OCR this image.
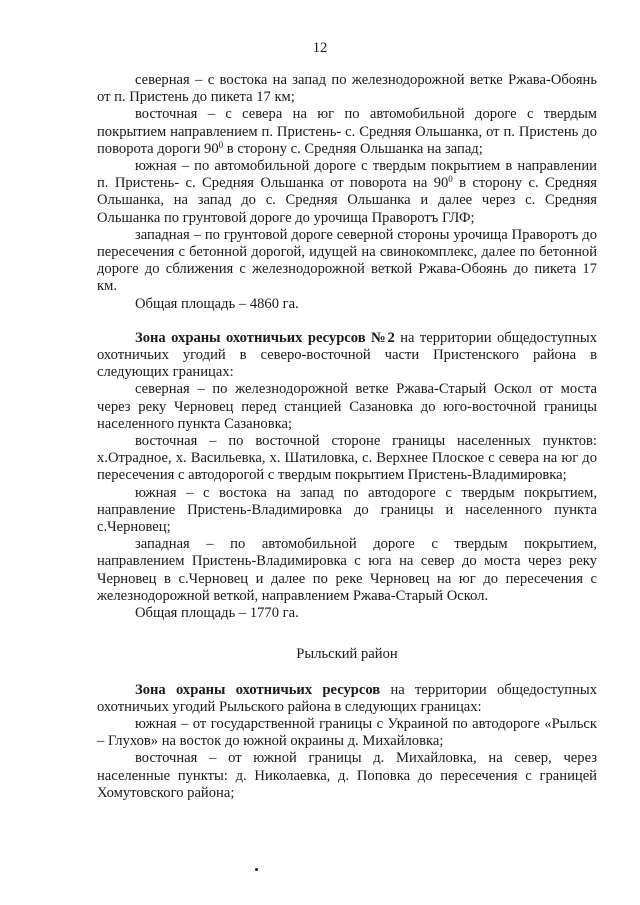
12

северная – с востока на запад по железнодорожной ветке Ржава-Обоянь от п. Пристень до пикета 17 км;

восточная – с севера на юг по автомобильной дороге с твердым покрытием направлением п. Пристень- с. Средняя Ольшанка, от п. Пристень до поворота дороги $90^0$ в сторону с. Средняя Ольшанка на запад;

южная – по автомобильной дороге с твердым покрытием в направлении п. Пристень- с. Средняя Ольшанка от поворота на $90^0$ в сторону с. Средняя Ольшанка, на запад до с. Средняя Ольшанка и далее через с. Средняя Ольшанка по грунтовой дороге до урочища Праворотъ ГЛФ;

западная – по грунтовой дороге северной стороны урочища Праворотъ до пересечения с бетонной дорогой, идущей на свинокомплекс, далее по бетонной дороге до сближения с железнодорожной веткой Ржава-Обоянь до пикета 17 км.

Общая площадь – 4860 га.

Зона охраны охотничьих ресурсов №2 на территории общедоступных охотничьих угодий в северо-восточной части Пристенского района в следующих границах:

северная – по железнодорожной ветке Ржава-Старый Оскол от моста через реку Черновец перед станцией Сазановка до юго-восточной границы населенного пункта Сазановка;

восточная – по восточной стороне границы населенных пунктов: х.Отрадное, х. Васильевка, х. Шатиловка, с. Верхнее Плоское с севера на юг до пересечения с автодорогой с твердым покрытием Пристень-Владимировка;

южная – с востока на запад по автодороге с твердым покрытием, направление Пристень-Владимировка до границы и населенного пункта с.Черновец;

западная – по автомобильной дороге с твердым покрытием, направлением Пристень-Владимировка с юга на север до моста через реку Черновец в с.Черновец и далее по реке Черновец на юг до пересечения с железнодорожной веткой, направлением Ржава-Старый Оскол.

Общая площадь – 1770 га.

Рыльский район

Зона охраны охотничьих ресурсов на территории общедоступных охотничьих угодий Рыльского района в следующих границах:

южная – от государственной границы с Украиной по автодороге «Рыльск – Глухов» на восток до южной окраины д. Михайловка;

восточная – от южной границы д. Михайловка, на север, через населенные пункты: д. Николаевка, д. Поповка до пересечения с границей Хомутовского района;
